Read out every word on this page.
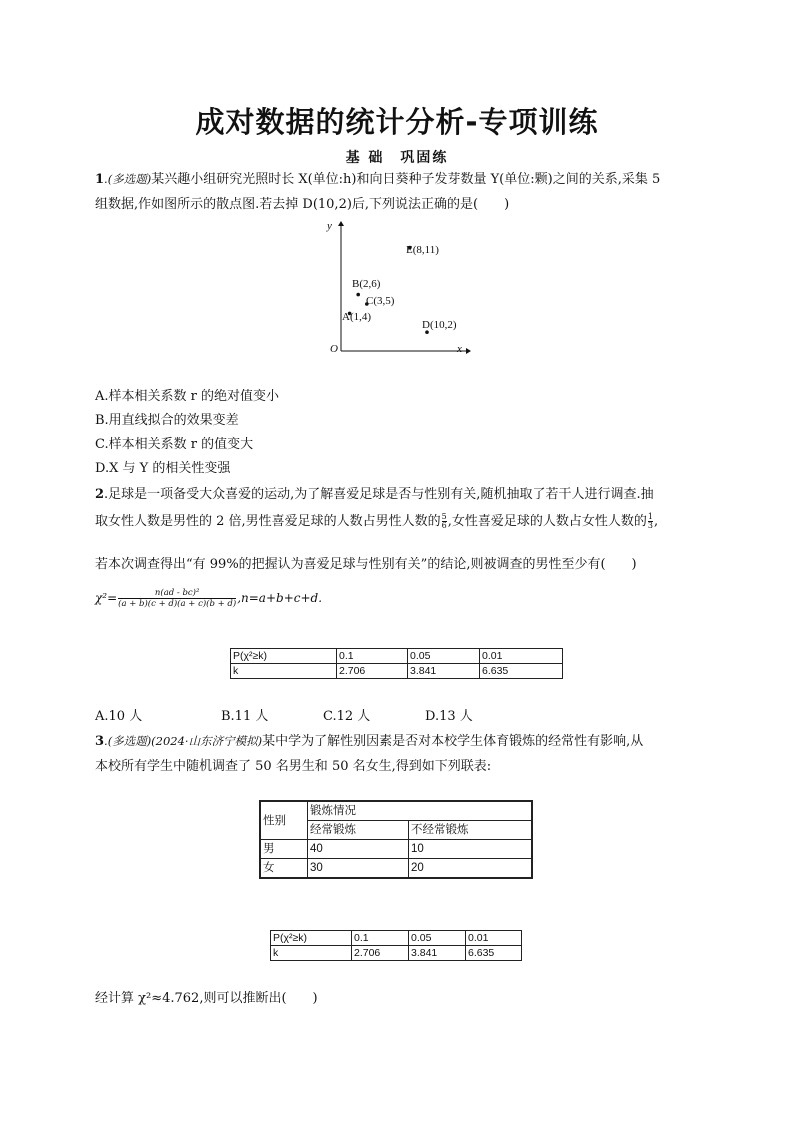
成对数据的统计分析-专项训练
基 础　巩固练
1.(多选题)某兴趣小组研究光照时长 X(单位:h)和向日葵种子发芽数量 Y(单位:颗)之间的关系,采集 5
组数据,作如图所示的散点图.若去掉 D(10,2)后,下列说法正确的是(　　)
y
x
O
E(8,11)
B(2,6)
C(3,5)
A(1,4)
D(10,2)
A.样本相关系数 r 的绝对值变小
B.用直线拟合的效果变差
C.样本相关系数 r 的值变大
D.X 与 Y 的相关性变强
2.足球是一项备受大众喜爱的运动,为了解喜爱足球是否与性别有关,随机抽取了若干人进行调查.抽
取女性人数是男性的 2 倍,男性喜爱足球的人数占男性人数的 $\frac{5}{6}$ ,女性喜爱足球的人数占女性人数的 $\frac{1}{3}$ ,
若本次调查得出“有 99%的把握认为喜爱足球与性别有关”的结论,则被调查的男性至少有(　　)
$\chi^2= \frac{\text{n(ad - bc)²}}{(a + b)(c + d)(a + c)(b + d)} ,n=a+b+c+d$.
P(χ²≥k)	0.1	0.05	0.01
k	2.706	3.841	6.635
A.10 人	B.11 人	C.12 人	D.13 人
3.(多选题)(2024·山东济宁模拟)某中学为了解性别因素是否对本校学生体育锻炼的经常性有影响,从
本校所有学生中随机调查了 50 名男生和 50 名女生,得到如下列联表:
性别	锻炼情况	
	经常锻炼	不经常锻炼
男	40	10
女	30	20
P(χ²≥k)	0.1	0.05	0.01
k	2.706	3.841	6.635
经计算 χ²≈4.762,则可以推断出(　　)
